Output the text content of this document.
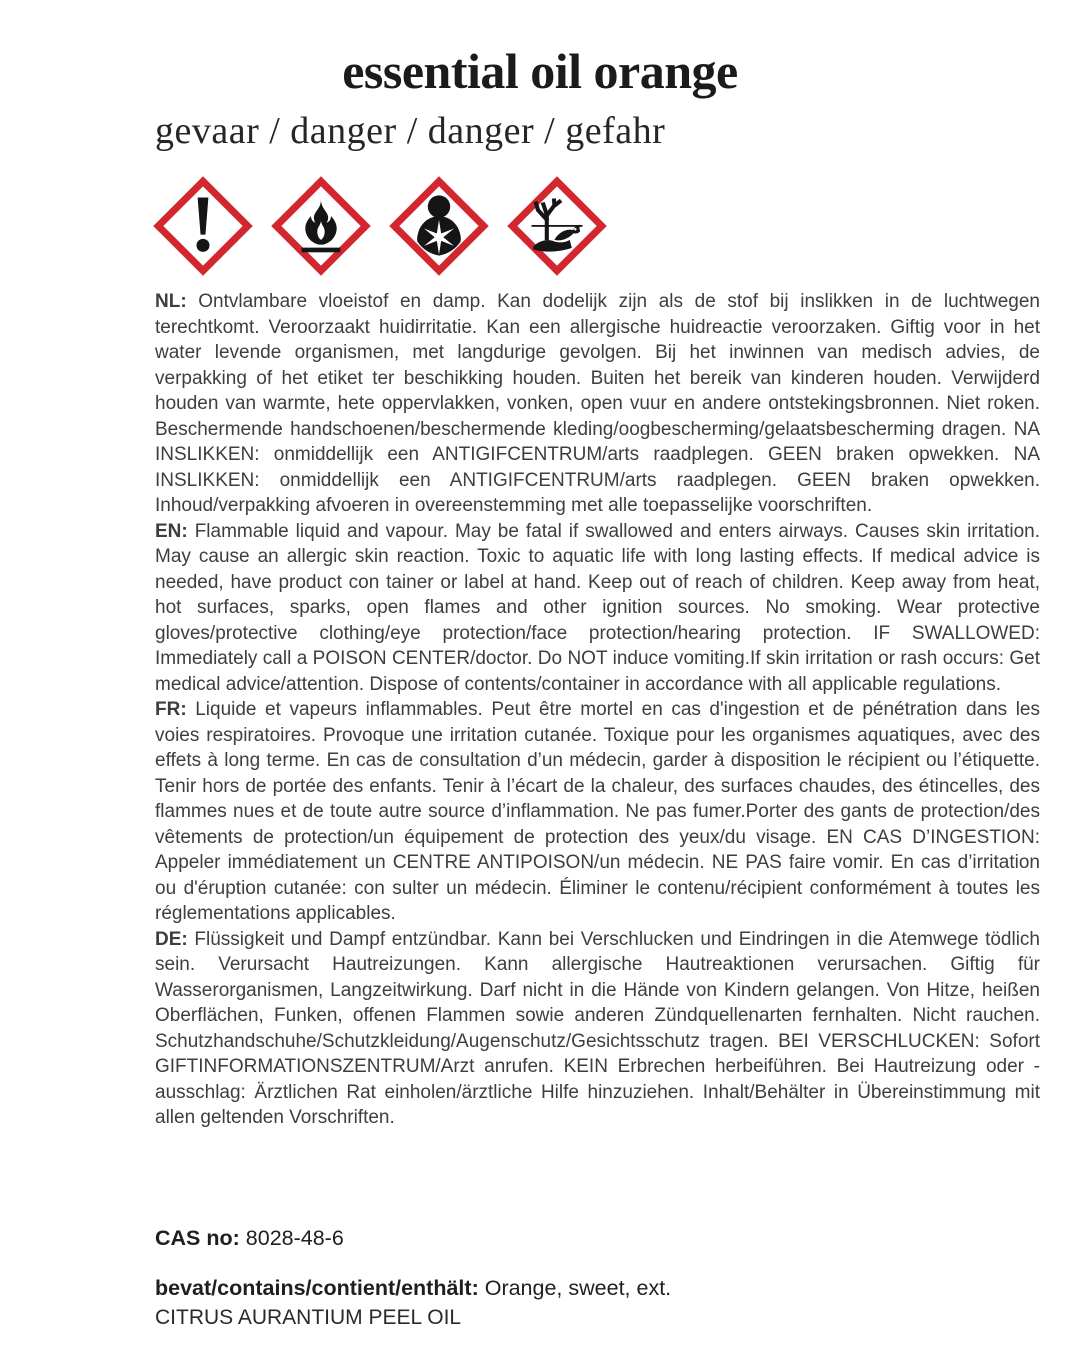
essential oil orange
gevaar / danger / danger / gefahr

NL: Ontvlambare vloeistof en damp. Kan dodelijk zijn als de stof bij inslikken in de luchtwegen terechtkomt. Veroorzaakt huidirritatie. Kan een allergische huidreactie veroorzaken. Giftig voor in het water levende organismen, met langdurige gevolgen. Bij het inwinnen van medisch advies, de verpakking of het etiket ter beschikking houden. Buiten het bereik van kinderen houden. Verwijderd houden van warmte, hete oppervlakken, vonken, open vuur en andere ontstekingsbronnen. Niet roken. Beschermende handschoenen/beschermende kleding/oogbescherming/gelaatsbescherming dragen. NA INSLIKKEN: onmiddellijk een ANTIGIFCENTRUM/arts raadplegen. GEEN braken opwekken. NA INSLIKKEN: onmiddellijk een ANTIGIFCENTRUM/arts raadplegen. GEEN braken opwekken. Inhoud/verpakking afvoeren in overeenstemming met alle toepasselijke voorschriften.

EN: Flammable liquid and vapour. May be fatal if swallowed and enters airways. Causes skin irritation. May cause an allergic skin reaction. Toxic to aquatic life with long lasting effects. If medical advice is needed, have product con tainer or label at hand. Keep out of reach of children. Keep away from heat, hot surfaces, sparks, open flames and other ignition sources. No smoking. Wear protective gloves/protective clothing/eye protection/face protection/hearing protection. IF SWALLOWED: Immediately call a POISON CENTER/doctor. Do NOT induce vomiting.If skin irritation or rash occurs: Get medical advice/attention. Dispose of contents/container in accordance with all applicable regulations.

FR: Liquide et vapeurs inflammables. Peut être mortel en cas d'ingestion et de pénétration dans les voies respiratoires. Provoque une irritation cutanée. Toxique pour les organismes aquatiques, avec des effets à long terme. En cas de consultation d’un médecin, garder à disposition le récipient ou l’étiquette. Tenir hors de portée des enfants. Tenir à l’écart de la chaleur, des surfaces chaudes, des étincelles, des flammes nues et de toute autre source d’inflammation. Ne pas fumer.Porter des gants de protection/des vêtements de protection/un équipement de protection des yeux/du visage. EN CAS D’INGESTION: Appeler immédiatement un CENTRE ANTIPOISON/un médecin. NE PAS faire vomir. En cas d’irritation ou d'éruption cutanée: con sulter un médecin. Éliminer le contenu/récipient conformément à toutes les réglementations applicables.

DE: Flüssigkeit und Dampf entzündbar. Kann bei Verschlucken und Eindringen in die Atemwege tödlich sein. Verursacht Hautreizungen. Kann allergische Hautreaktionen verursachen. Giftig für Wasserorganismen, Langzeitwirkung. Darf nicht in die Hände von Kindern gelangen. Von Hitze, heißen Oberflächen, Funken, offenen Flammen sowie anderen Zündquellenarten fernhalten. Nicht rauchen. Schutzhandschuhe/Schutzkleidung/Augenschutz/Gesichtsschutz tragen. BEI VERSCHLUCKEN: Sofort GIFTINFORMATIONSZENTRUM/Arzt anrufen. KEIN Erbrechen herbeiführen. Bei Hautreizung oder -ausschlag: Ärztlichen Rat einholen/ärztliche Hilfe hinzuziehen. Inhalt/Behälter in Übereinstimmung mit allen geltenden Vorschriften.

CAS no: 8028-48-6
bevat/contains/contient/enthält: Orange, sweet, ext.
CITRUS AURANTIUM PEEL OIL
